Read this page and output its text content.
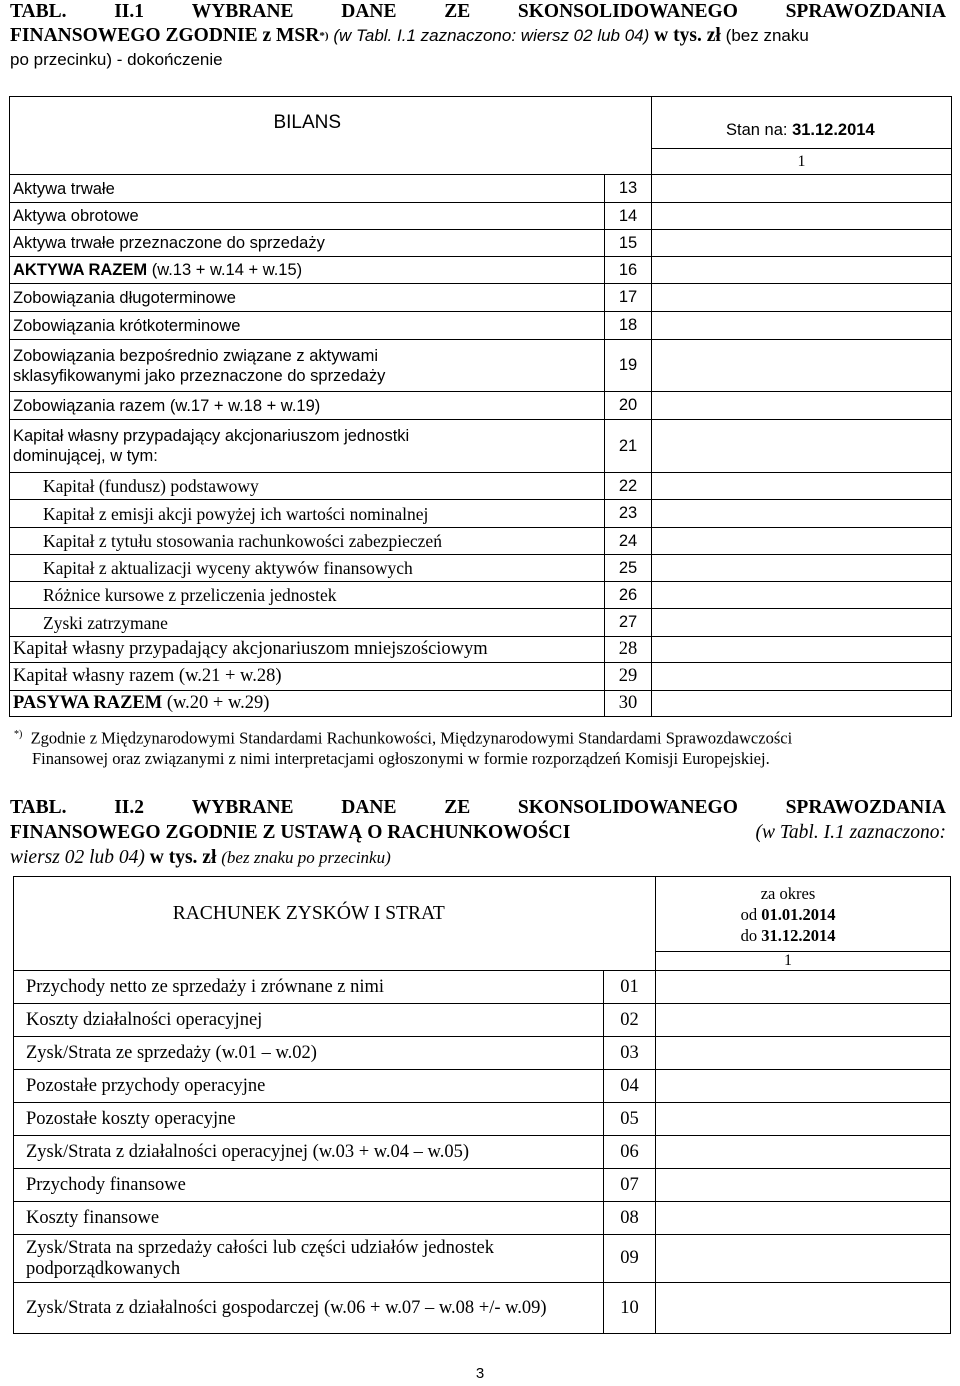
TABL. II.1 WYBRANE DANE ZE SKONSOLIDOWANEGO SPRAWOZDANIA
FINANSOWEGO ZGODNIE z MSR *)
(w Tabl. I.1 zaznaczono: wiersz 02 lub 04)
w tys. zł
(bez znaku
po przecinku) - dokończenie
BILANS		Stan na: 31.12.2014
		1
Aktywa trwałe	13	
Aktywa obrotowe	14	
Aktywa trwałe przeznaczone do sprzedaży	15	
AKTYWA RAZEM (w.13 + w.14 + w.15)	16	
Zobowiązania długoterminowe	17	
Zobowiązania krótkoterminowe	18	
Zobowiązania bezpośrednio związane z aktywami sklasyfikowanymi jako przeznaczone do sprzedaży	19	
Zobowiązania razem (w.17 + w.18 + w.19)	20	
Kapitał własny przypadający akcjonariuszom jednostki dominującej, w tym:	21	
Kapitał (fundusz) podstawowy	22	
Kapitał z emisji akcji powyżej ich wartości nominalnej	23	
Kapitał z tytułu stosowania rachunkowości zabezpieczeń	24	
Kapitał z aktualizacji wyceny aktywów finansowych	25	
Różnice kursowe z przeliczenia jednostek	26	
Zyski zatrzymane	27	
Kapitał własny przypadający akcjonariuszom mniejszościowym	28	
Kapitał własny razem (w.21 + w.28)	29	
PASYWA RAZEM (w.20 + w.29)	30	
*) Zgodnie z Międzynarodowymi Standardami Rachunkowości, Międzynarodowymi Standardami Sprawozdawczości
Finansowej oraz związanymi z nimi interpretacjami ogłoszonymi w formie rozporządzeń Komisji Europejskiej.
TABL. II.2 WYBRANE DANE ZE SKONSOLIDOWANEGO SPRAWOZDANIA
FINANSOWEGO ZGODNIE Z USTAWĄ O RACHUNKOWOŚCI	(w Tabl. I.1 zaznaczono:
wiersz 02 lub 04)
w tys. zł
(bez znaku po przecinku)
RACHUNEK ZYSKÓW I STRAT		za okres
od 01.01.2014
do 31.12.2014

		1
Przychody netto ze sprzedaży i zrównane z nimi	01	
Koszty działalności operacyjnej	02	
Zysk/Strata ze sprzedaży (w.01 – w.02)	03	
Pozostałe przychody operacyjne	04	
Pozostałe koszty operacyjne	05	
Zysk/Strata z działalności operacyjnej (w.03 + w.04 – w.05)	06	
Przychody finansowe	07	
Koszty finansowe	08	
Zysk/Strata na sprzedaży całości lub części udziałów jednostek podporządkowanych	09	
Zysk/Strata z działalności gospodarczej (w.06 + w.07 – w.08 +/- w.09)	10	
3
